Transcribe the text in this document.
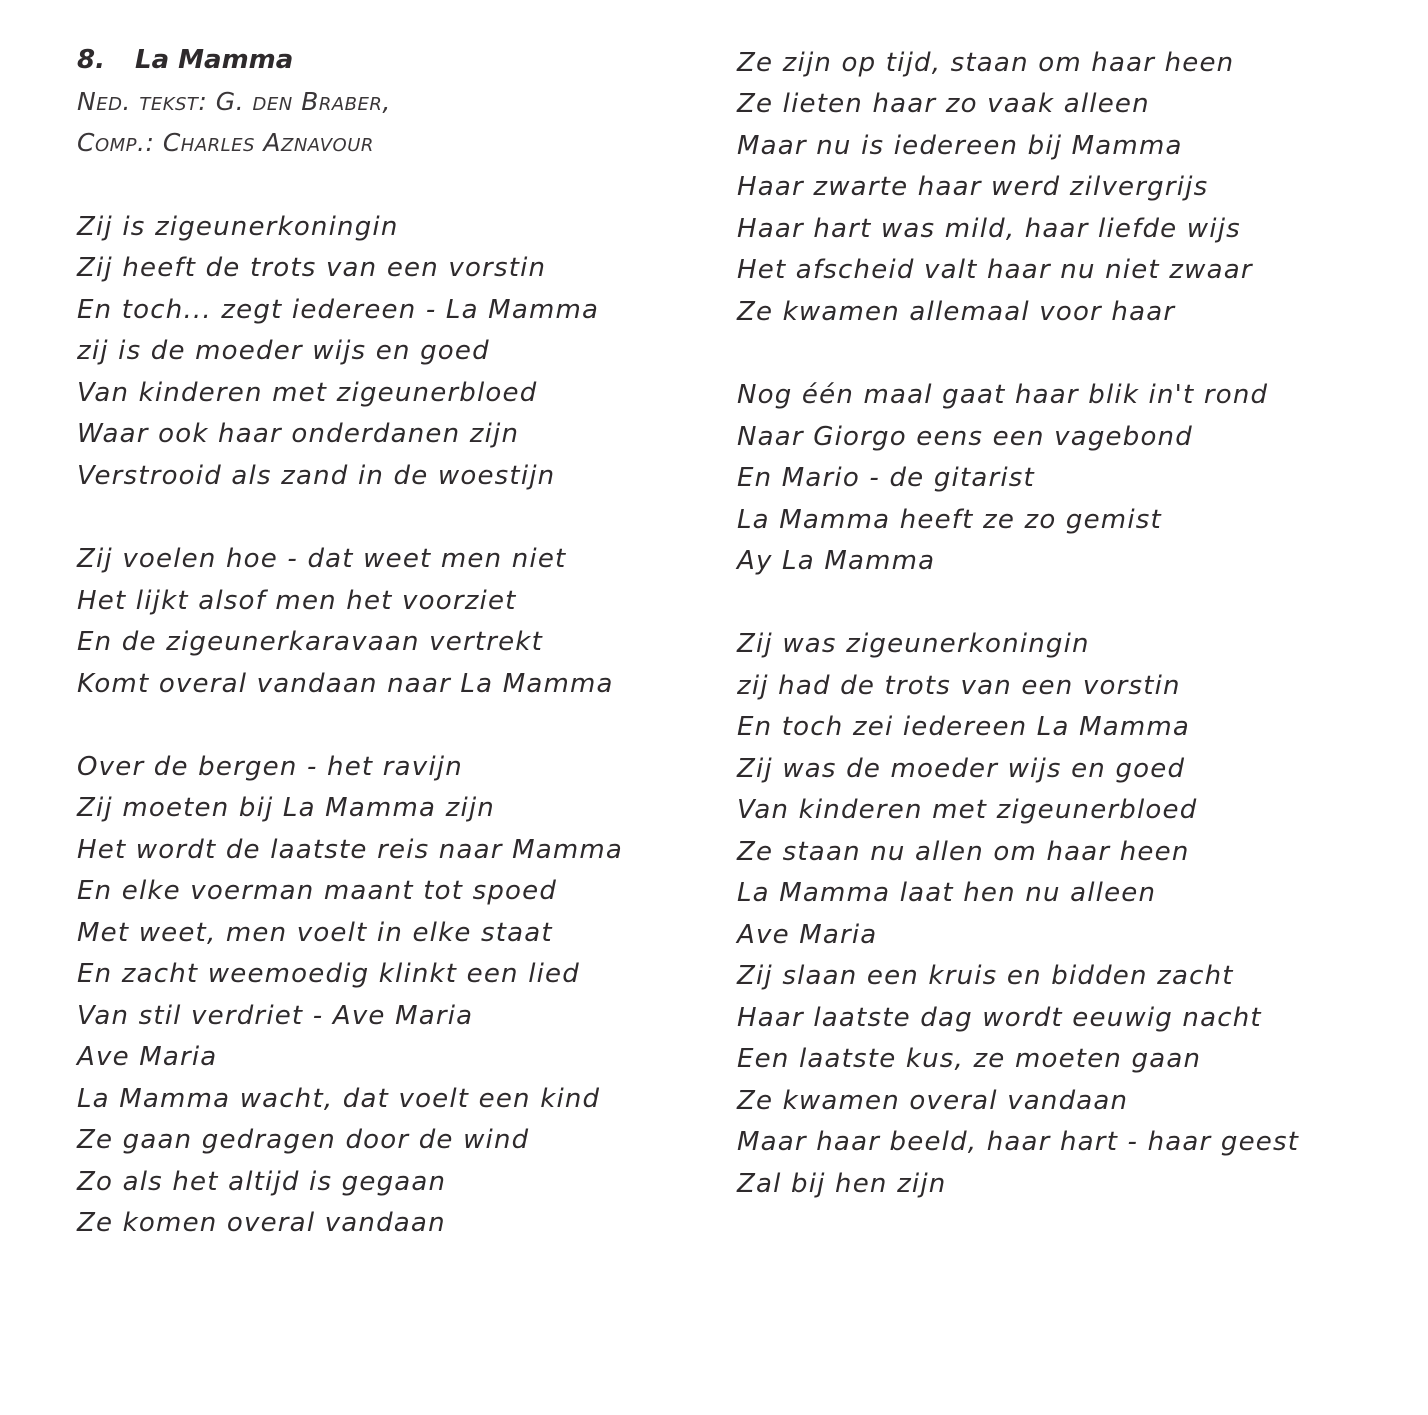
8. La Mamma
Ned. tekst: G. den Braber,
Comp.: Charles Aznavour
Zij is zigeunerkoningin
Zij heeft de trots van een vorstin
En toch... zegt iedereen - La Mamma
zij is de moeder wijs en goed
Van kinderen met zigeunerbloed
Waar ook haar onderdanen zijn
Verstrooid als zand in de woestijn
Zij voelen hoe - dat weet men niet
Het lijkt alsof men het voorziet
En de zigeunerkaravaan vertrekt
Komt overal vandaan naar La Mamma
Over de bergen - het ravijn
Zij moeten bij La Mamma zijn
Het wordt de laatste reis naar Mamma
En elke voerman maant tot spoed
Met weet, men voelt in elke staat
En zacht weemoedig klinkt een lied
Van stil verdriet - Ave Maria
Ave Maria
La Mamma wacht, dat voelt een kind
Ze gaan gedragen door de wind
Zo als het altijd is gegaan
Ze komen overal vandaan
Ze zijn op tijd, staan om haar heen
Ze lieten haar zo vaak alleen
Maar nu is iedereen bij Mamma
Haar zwarte haar werd zilvergrijs
Haar hart was mild, haar liefde wijs
Het afscheid valt haar nu niet zwaar
Ze kwamen allemaal voor haar
Nog één maal gaat haar blik in't rond
Naar Giorgo eens een vagebond
En Mario - de gitarist
La Mamma heeft ze zo gemist
Ay La Mamma
Zij was zigeunerkoningin
zij had de trots van een vorstin
En toch zei iedereen La Mamma
Zij was de moeder wijs en goed
Van kinderen met zigeunerbloed
Ze staan nu allen om haar heen
La Mamma laat hen nu alleen
Ave Maria
Zij slaan een kruis en bidden zacht
Haar laatste dag wordt eeuwig nacht
Een laatste kus, ze moeten gaan
Ze kwamen overal vandaan
Maar haar beeld, haar hart - haar geest
Zal bij hen zijn
